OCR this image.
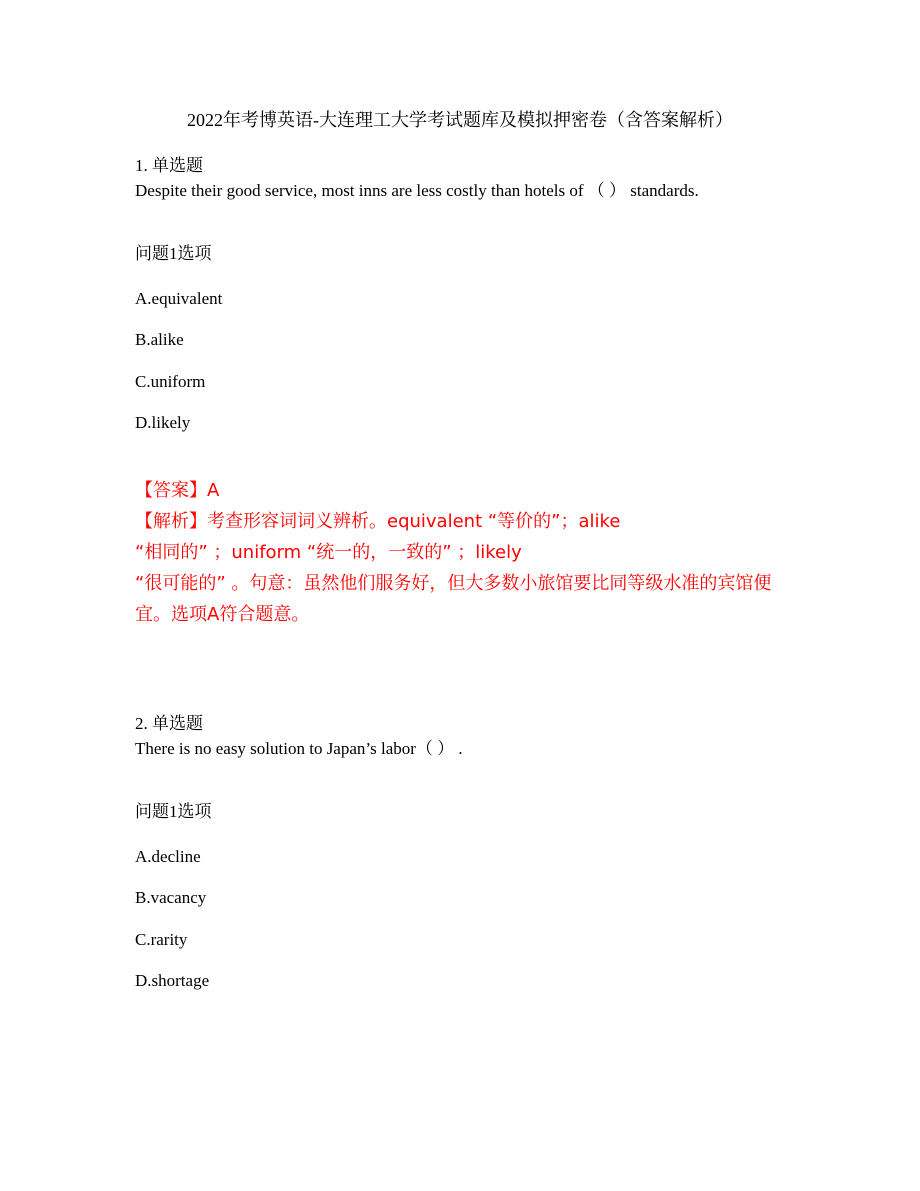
2022年考博英语-大连理工大学考试题库及模拟押密卷（含答案解析）
1. 单选题
Despite their good service, most inns are less costly than hotels of （ ） standards.
问题1选项
A.equivalent
B.alike
C.uniform
D.likely

【答案】A

【解析】考查形容词词义辨析。equivalent “等价的”；alike

“相同的” ；uniform “统一的，一致的” ；likely

“很可能的” 。句意：虽然他们服务好，但大多数小旅馆要比同等级水准的宾馆便

宜。选项A符合题意。

2. 单选题
There is no easy solution to Japan’s labor（ ） .
问题1选项
A.decline
B.vacancy
C.rarity
D.shortage
